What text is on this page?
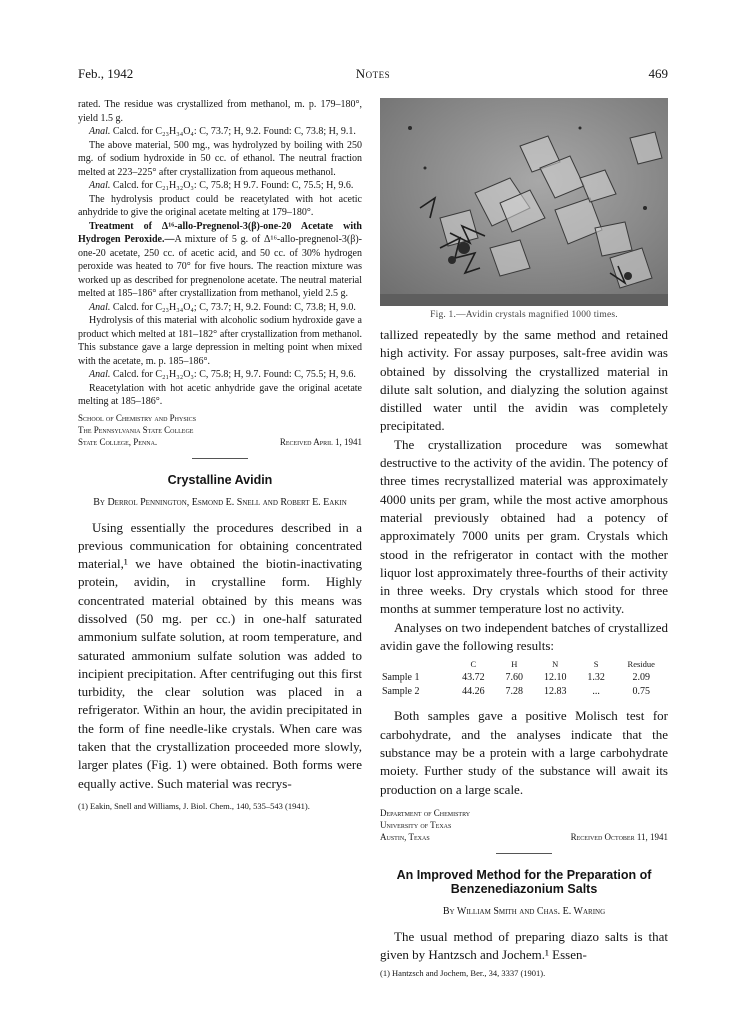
Feb., 1942	Notes	469

rated. The residue was crystallized from methanol, m. p. 179–180°, yield 1.5 g.

Anal. Calcd. for C₂₃H₃₄O₄: C, 73.7; H, 9.2. Found: C, 73.8; H, 9.1.

The above material, 500 mg., was hydrolyzed by boiling with 250 mg. of sodium hydroxide in 50 cc. of ethanol. The neutral fraction melted at 223–225° after crystallization from aqueous methanol.

Anal. Calcd. for C₂₁H₃₂O₃: C, 75.8; H 9.7. Found: C, 75.5; H, 9.6.

The hydrolysis product could be reacetylated with hot acetic anhydride to give the original acetate melting at 179–180°.

Treatment of Δ¹⁶-allo-Pregnenol-3(β)-one-20 Acetate with Hydrogen Peroxide.—A mixture of 5 g. of Δ¹⁶-allo-pregnenol-3(β)-one-20 acetate, 250 cc. of acetic acid, and 50 cc. of 30% hydrogen peroxide was heated to 70° for five hours. The reaction mixture was worked up as described for pregnenolone acetate. The neutral material melted at 185–186° after crystallization from methanol, yield 2.5 g.

Anal. Calcd. for C₂₃H₃₄O₄; C, 73.7; H, 9.2. Found: C, 73.8; H, 9.0.

Hydrolysis of this material with alcoholic sodium hydroxide gave a product which melted at 181–182° after crystallization from methanol. This substance gave a large depression in melting point when mixed with the acetate, m. p. 185–186°.

Anal. Calcd. for C₂₁H₃₂O₃: C, 75.8; H, 9.7. Found: C, 75.5; H, 9.6.

Reacetylation with hot acetic anhydride gave the original acetate melting at 185–186°.

School of Chemistry and Physics
The Pennsylvania State College
State College, Penna.	Received April 1, 1941
Crystalline Avidin
By Derrol Pennington, Esmond E. Snell and Robert E. Eakin

Using essentially the procedures described in a previous communication for obtaining concentrated material,¹ we have obtained the biotin-inactivating protein, avidin, in crystalline form. Highly concentrated material obtained by this means was dissolved (50 mg. per cc.) in one-half saturated ammonium sulfate solution, at room temperature, and saturated ammonium sulfate solution was added to incipient precipitation. After centrifuging out this first turbidity, the clear solution was placed in a refrigerator. Within an hour, the avidin precipitated in the form of fine needle-like crystals. When care was taken that the crystallization proceeded more slowly, larger plates (Fig. 1) were obtained. Both forms were equally active. Such material was recrys-

(1) Eakin, Snell and Williams, J. Biol. Chem., 140, 535–543 (1941).

Fig. 1.—Avidin crystals magnified 1000 times.

tallized repeatedly by the same method and retained high activity. For assay purposes, salt-free avidin was obtained by dissolving the crystallized material in dilute salt solution, and dialyzing the solution against distilled water until the avidin was completely precipitated.

The crystallization procedure was somewhat destructive to the activity of the avidin. The potency of three times recrystallized material was approximately 4000 units per gram, while the most active amorphous material previously obtained had a potency of approximately 7000 units per gram. Crystals which stood in the refrigerator in contact with the mother liquor lost approximately three-fourths of their activity in three weeks. Dry crystals which stood for three months at summer temperature lost no activity.

Analyses on two independent batches of crystallized avidin gave the following results:

	C	H	N	S	Residue
Sample 1	43.72	7.60	12.10	1.32	2.09
Sample 2	44.26	7.28	12.83	...	0.75

Both samples gave a positive Molisch test for carbohydrate, and the analyses indicate that the substance may be a protein with a large carbohydrate moiety. Further study of the substance will await its production on a large scale.

Department of Chemistry
University of Texas
Austin, Texas	Received October 11, 1941
An Improved Method for the Preparation of Benzenediazonium Salts
By William Smith and Chas. E. Waring

The usual method of preparing diazo salts is that given by Hantzsch and Jochem.¹ Essen-

(1) Hantzsch and Jochem, Ber., 34, 3337 (1901).
